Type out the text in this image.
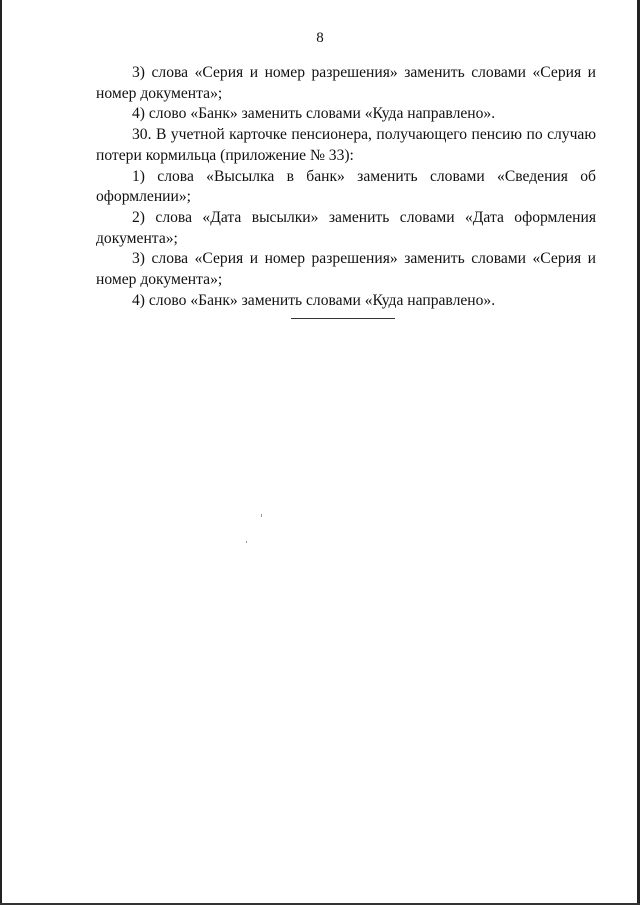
8

3) слова «Серия и номер разрешения» заменить словами «Серия и номер документа»;

4) слово «Банк» заменить словами «Куда направлено».

30. В учетной карточке пенсионера, получающего пенсию по случаю потери кормильца (приложение № 33):

1) слова «Высылка в банк» заменить словами «Сведения об оформлении»;

2) слова «Дата высылки» заменить словами «Дата оформления документа»;

3) слова «Серия и номер разрешения» заменить словами «Серия и номер документа»;

4) слово «Банк» заменить словами «Куда направлено».
